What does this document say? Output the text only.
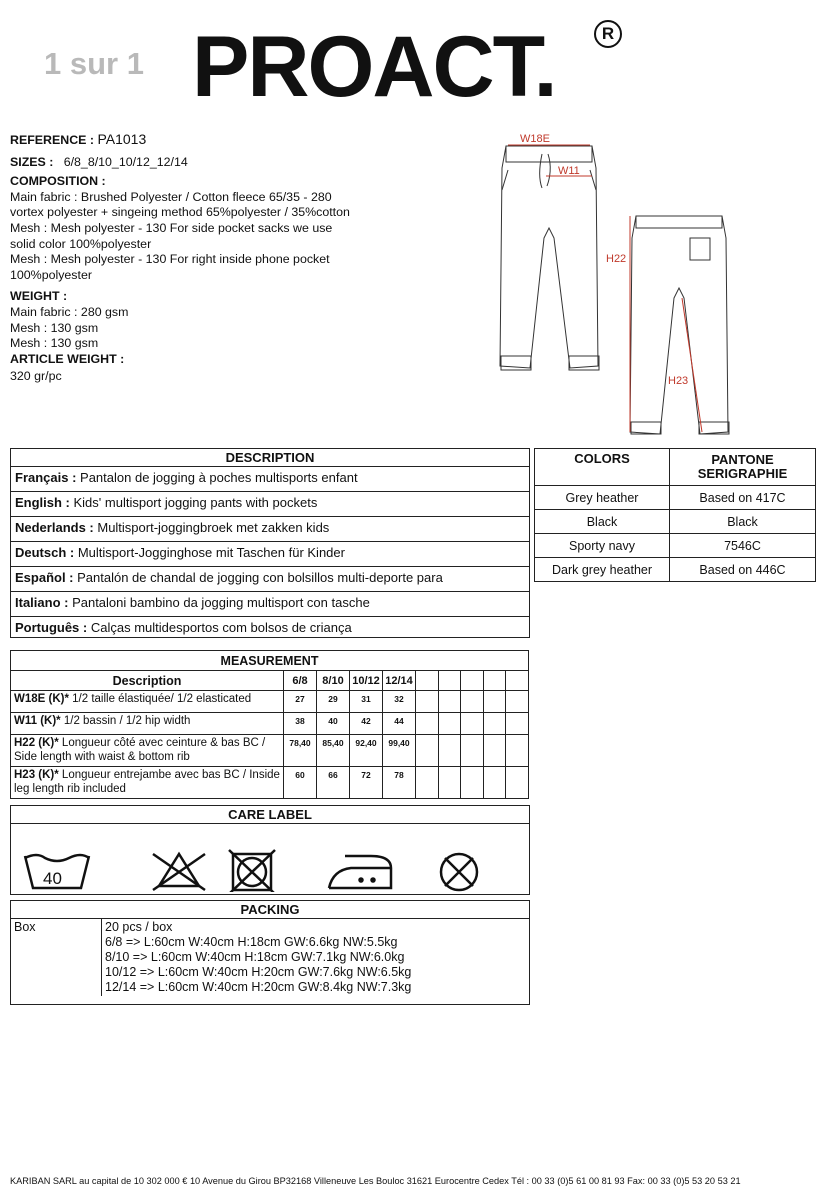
1 sur 1 PROACT.	R
REFERENCE : PA1013
SIZES : 6/8_8/10_10/12_12/14
COMPOSITION :
Main fabric : Brushed Polyester / Cotton fleece 65/35 - 280
vortex polyester + singeing method 65%polyester / 35%cotton
Mesh : Mesh polyester - 130 For side pocket sacks we use
solid color 100%polyester
Mesh : Mesh polyester - 130 For right inside phone pocket
100%polyester
WEIGHT :
Main fabric : 280 gsm
Mesh : 130 gsm
Mesh : 130 gsm
ARTICLE WEIGHT :
320 gr/pc
W18E
W11
H22
H23
DESCRIPTION
Français : Pantalon de jogging à poches multisports enfant
English : Kids' multisport jogging pants with pockets
Nederlands : Multisport-joggingbroek met zakken kids
Deutsch : Multisport-Jogginghose mit Taschen für Kinder
Español : Pantalón de chandal de jogging con bolsillos multi-deporte para
Italiano : Pantaloni bambino da jogging multisport con tasche
Português : Calças multidesportos com bolsos de criança
COLORS	PANTONE
SERIGRAPHIE
Grey heather	Based on 417C
Black	Black
Sporty navy	7546C
Dark grey heather	Based on 446C
MEASUREMENT									
Description	6/8	8/10	10/12	12/14					
W18E (K)* 1/2 taille élastiquée/ 1/2 elasticated	27	29	31	32					
W11 (K)* 1/2 bassin / 1/2 hip width	38	40	42	44					
H22 (K)* Longueur côté avec ceinture & bas BC / Side length with waist & bottom rib	78,40	85,40	92,40	99,40					
H23 (K)* Longueur entrejambe avec bas BC / Inside leg length rib included	60	66	72	78					
CARE LABEL
40
PACKING
Box	20 pcs / box
6/8 => L:60cm W:40cm H:18cm GW:6.6kg NW:5.5kg
8/10 => L:60cm W:40cm H:18cm GW:7.1kg NW:6.0kg
10/12 => L:60cm W:40cm H:20cm GW:7.6kg NW:6.5kg
12/14 => L:60cm W:40cm H:20cm GW:8.4kg NW:7.3kg
KARIBAN SARL au capital de 10 302 000 € 10 Avenue du Girou BP32168 Villeneuve Les Bouloc 31621 Eurocentre Cedex Tél : 00 33 (0)5 61 00 81 93 Fax: 00 33 (0)5 53 20 53 21
